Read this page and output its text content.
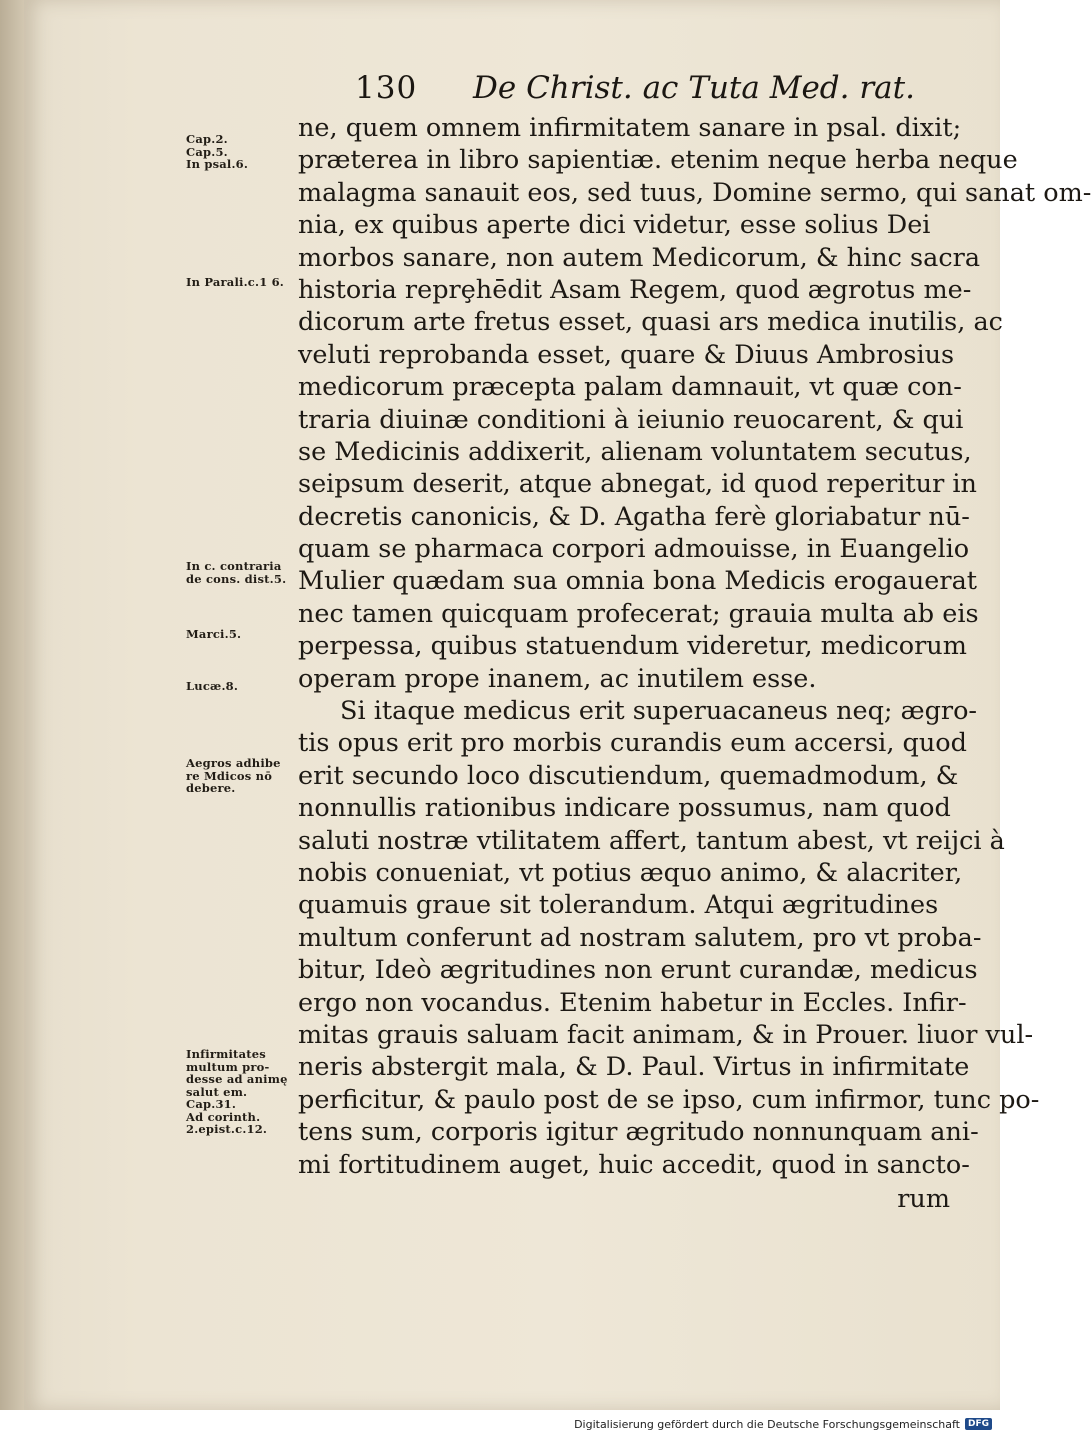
130 De Christ. ac Tuta Med. rat.
Cap.2.
Cap.5.
In psal.6.
In Parali.c.1 6.
In c. contraria
de cons. dist.5.
Marci.5.
Lucæ.8.
Aegros adhibe
re Mdicos nō
debere.
Infirmitates
multum pro-
desse ad animę
salut em.
Cap.31.
Ad corinth.
2.epist.c.12.
ne, quem omnem infirmitatem sanare in psal. dixit;
præterea in libro sapientiæ. etenim neque herba neque
malagma sanauit eos, sed tuus, Domine sermo, qui sanat om-
nia, ex quibus aperte dici videtur, esse solius Dei
morbos sanare, non autem Medicorum, & hinc sacra
historia reprȩhēdit Asam Regem, quod ægrotus me-
dicorum arte fretus esset, quasi ars medica inutilis, ac
veluti reprobanda esset, quare & Diuus Ambrosius
medicorum præcepta palam damnauit, vt quæ con-
traria diuinæ conditioni à ieiunio reuocarent, & qui
se Medicinis addixerit, alienam voluntatem secutus,
seipsum deserit, atque abnegat, id quod reperitur in
decretis canonicis, & D. Agatha ferè gloriabatur nū-
quam se pharmaca corpori admouisse, in Euangelio
Mulier quædam sua omnia bona Medicis erogauerat
nec tamen quicquam profecerat; grauia multa ab eis
perpessa, quibus statuendum videretur, medicorum
operam prope inanem, ac inutilem esse.
Si itaque medicus erit superuacaneus neq; ægro-
tis opus erit pro morbis curandis eum accersi, quod
erit secundo loco discutiendum, quemadmodum, &
nonnullis rationibus indicare possumus, nam quod
saluti nostræ vtilitatem affert, tantum abest, vt reijci à
nobis conueniat, vt potius æquo animo, & alacriter,
quamuis graue sit tolerandum. Atqui ægritudines
multum conferunt ad nostram salutem, pro vt proba-
bitur, Ideò ægritudines non erunt curandæ, medicus
ergo non vocandus. Etenim habetur in Eccles. Infir-
mitas grauis saluam facit animam, & in Prouer. liuor vul-
neris abstergit mala, & D. Paul. Virtus in infirmitate
perficitur, & paulo post de se ipso, cum infirmor, tunc po-
tens sum, corporis igitur ægritudo nonnunquam ani-
mi fortitudinem auget, huic accedit, quod in sancto-
rum
Digitalisierung gefördert durch die Deutsche Forschungsgemeinschaft DFG
